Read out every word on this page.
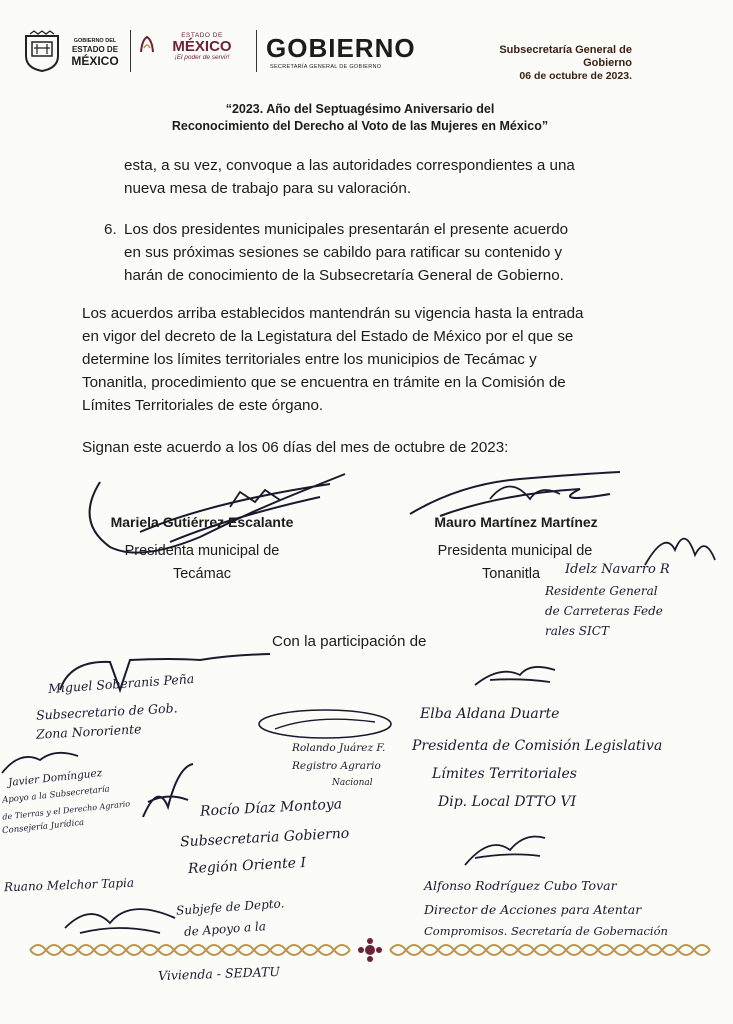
GOBIERNO DEL
ESTADO DE
MÉXICO
ESTADO DE
MÉXICO
¡El poder de servir!	GOBIERNO
SECRETARÍA GENERAL DE GOBIERNO
Subsecretaría General de
Gobierno
06 de octubre de 2023.
“2023. Año del Septuagésimo Aniversario del
Reconocimiento del Derecho al Voto de las Mujeres en México”
esta, a su vez, convoque a las autoridades correspondientes a una
nueva mesa de trabajo para su valoración.
6. Los dos presidentes municipales presentarán el presente acuerdo
en sus próximas sesiones se cabildo para ratificar su contenido y
harán de conocimiento de la Subsecretaría General de Gobierno.
Los acuerdos arriba establecidos mantendrán su vigencia hasta la entrada
en vigor del decreto de la Legistatura del Estado de México por el que se
determine los límites territoriales entre los municipios de Tecámac y
Tonanitla, procedimiento que se encuentra en trámite en la Comisión de
Límites Territoriales de este órgano.
Signan este acuerdo a los 06 días del mes de octubre de 2023:
Mariela Gutiérrez Escalante
Presidenta municipal de
Tecámac
Mauro Martínez Martínez
Presidenta municipal de
Tonanitla	Idelz Navarro R
Residente General
de Carreteras Fede
rales SICT
Con la participación de
Miguel Soberanis Peña
Subsecretario de Gob.
Zona Nororiente
Elba Aldana Duarte
Presidenta de Comisión Legislativa
Límites Territoriales
Dip. Local DTTO VI
Rolando Juárez F.
Registro Agrario
Nacional
Javier Domínguez
Apoyo a la Subsecretaría
de Tierras y el Derecho Agrario
Consejería Jurídica
Rocío Díaz Montoya
Subsecretaria Gobierno
Región Oriente I
Alfonso Rodríguez Cubo Tovar
Director de Acciones para Atentar
Compromisos. Secretaría de Gobernación
Ruano Melchor Tapia
Subjefe de Depto.
de Apoyo a la
Vivienda - SEDATU
